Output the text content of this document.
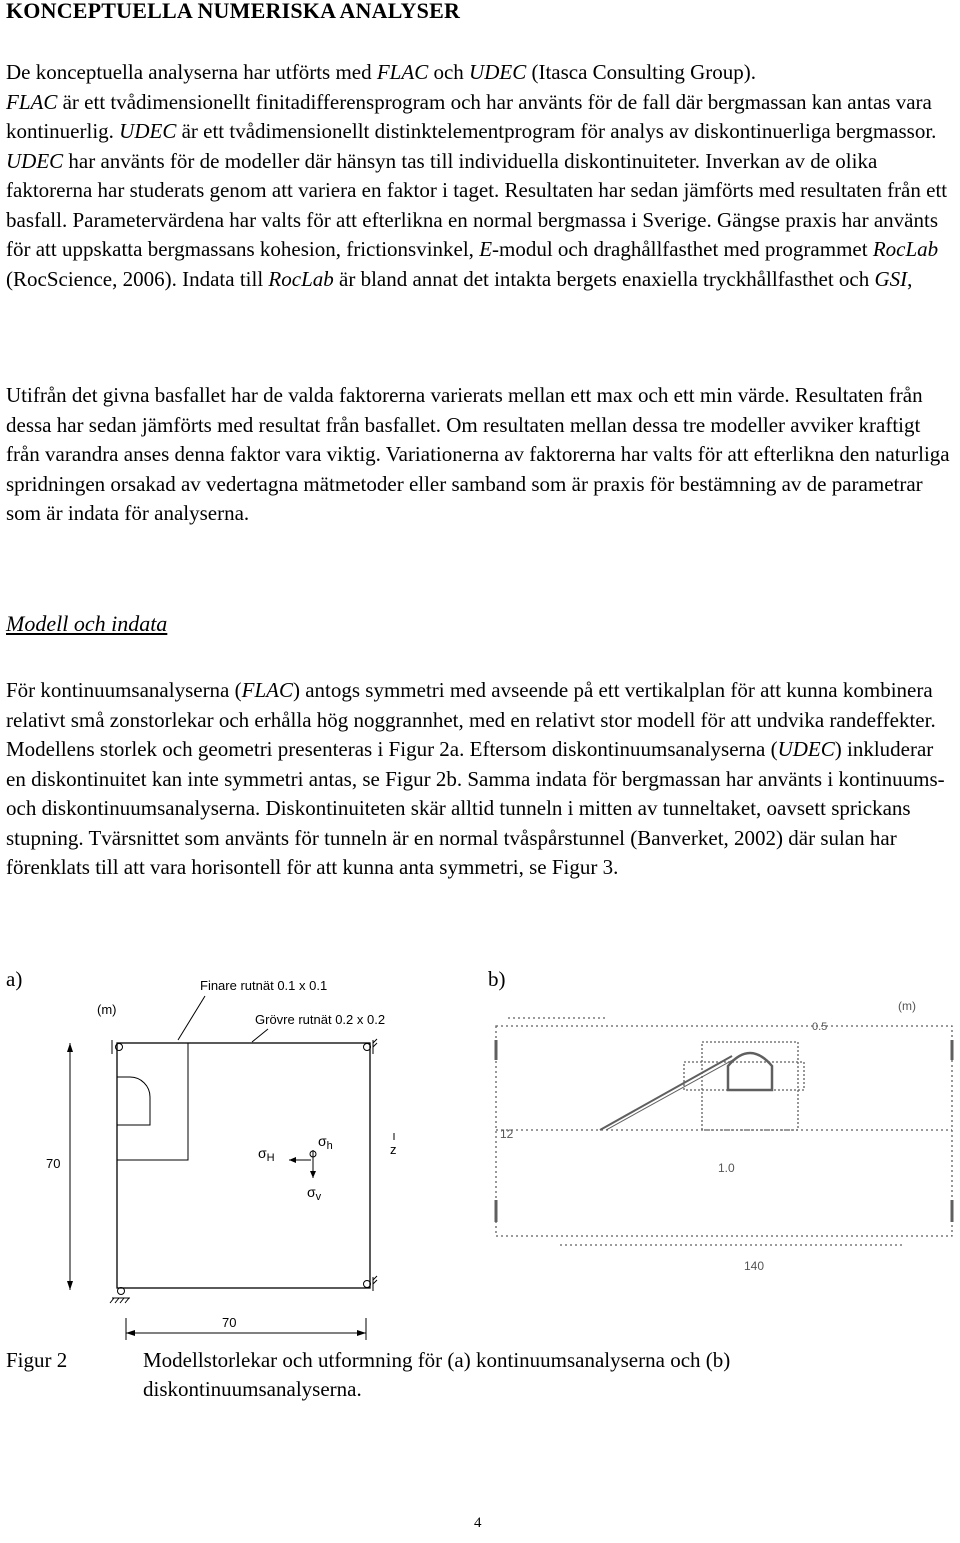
KONCEPTUELLA NUMERISKA ANALYSER
De konceptuella analyserna har utförts med FLAC och UDEC (Itasca Consulting Group).
FLAC är ett tvådimensionellt finitadifferensprogram och har använts för de fall där bergmassan kan antas vara kontinuerlig. UDEC är ett tvådimensionellt distinktelementprogram för analys av diskontinuerliga bergmassor. UDEC har använts för de modeller där hänsyn tas till individuella diskontinuiteter. Inverkan av de olika faktorerna har studerats genom att variera en faktor i taget. Resultaten har sedan jämförts med resultaten från ett basfall. Parametervärdena har valts för att efterlikna en normal bergmassa i Sverige. Gängse praxis har använts för att uppskatta bergmassans kohesion, frictionsvinkel, E-modul och draghållfasthet med programmet RocLab (RocScience, 2006). Indata till RocLab är bland annat det intakta bergets enaxiella tryckhållfasthet och GSI,
Utifrån det givna basfallet har de valda faktorerna varierats mellan ett max och ett min värde. Resultaten från dessa har sedan jämförts med resultat från basfallet. Om resultaten mellan dessa tre modeller avviker kraftigt från varandra anses denna faktor vara viktig. Variationerna av faktorerna har valts för att efterlikna den naturliga spridningen orsakad av vedertagna mätmetoder eller samband som är praxis för bestämning av de parametrar som är indata för analyserna.
Modell och indata
För kontinuumsanalyserna (FLAC) antogs symmetri med avseende på ett vertikalplan för att kunna kombinera relativt små zonstorlekar och erhålla hög noggrannhet, med en relativt stor modell för att undvika randeffekter. Modellens storlek och geometri presenteras i Figur 2a. Eftersom diskontinuumsanalyserna (UDEC) inkluderar en diskontinuitet kan inte symmetri antas, se Figur 2b. Samma indata för bergmassan har använts i kontinuums- och diskontinuumsanalyserna. Diskontinuiteten skär alltid tunneln i mitten av tunneltaket, oavsett sprickans stupning. Tvärsnittet som använts för tunneln är en normal tvåspårstunnel (Banverket, 2002) där sulan har förenklats till att vara horisontell för att kunna anta symmetri, se Figur 3.
a)	b)
Finare rutnät 0.1 x 0.1
(m)
Grövre rutnät 0.2 x 0.2
70
70
$\sigma_H$
$\sigma_h$
$\sigma_v$
z
(m)
0.5
12
1.0
140
Figur 2	Modellstorlekar och utformning för (a) kontinuumsanalyserna och (b) diskontinuumsanalyserna.
4
